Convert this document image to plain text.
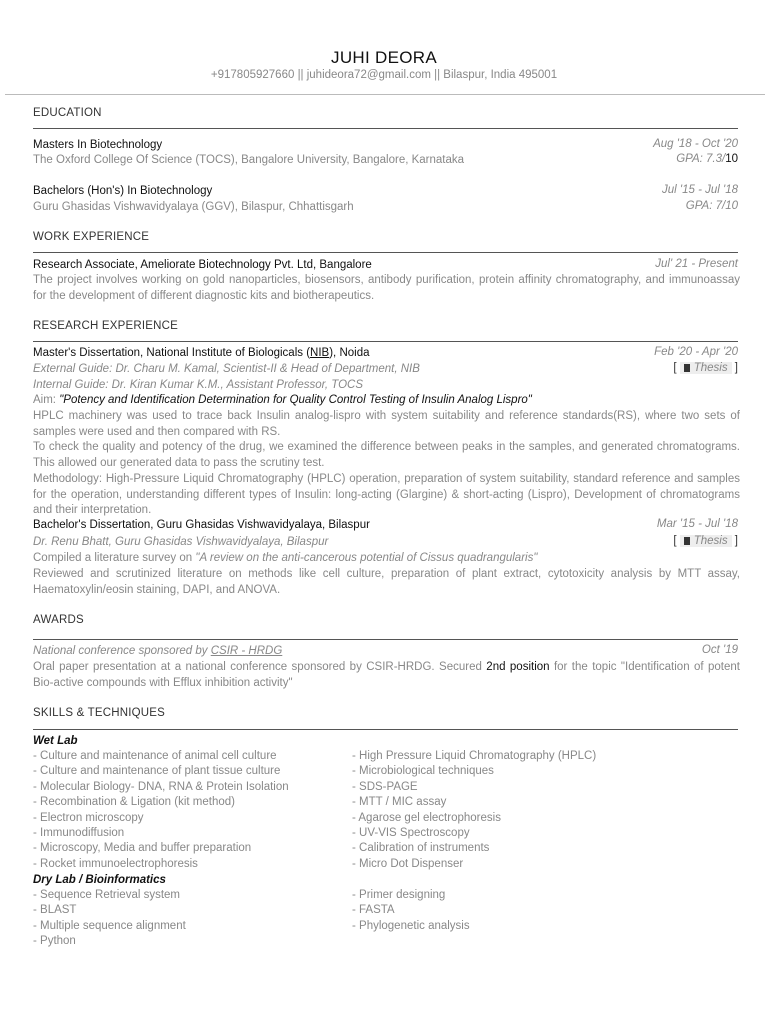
JUHI DEORA
+917805927660 || juhideora72@gmail.com || Bilaspur, India 495001
EDUCATION
Masters In Biotechnology	Aug '18 - Oct '20
The Oxford College Of Science (TOCS), Bangalore University, Bangalore, Karnataka	GPA: 7.3/10
Bachelors (Hon's) In Biotechnology	Jul '15 - Jul '18
Guru Ghasidas Vishwavidyalaya (GGV), Bilaspur, Chhattisgarh	GPA: 7/10
WORK EXPERIENCE
Research Associate, Ameliorate Biotechnology Pvt. Ltd, Bangalore	Jul' 21 - Present
The project involves working on gold nanoparticles, biosensors, antibody purification, protein affinity chromatography, and immunoassay for the development of different diagnostic kits and biotherapeutics.
RESEARCH EXPERIENCE
Master's Dissertation, National Institute of Biologicals (NIB), Noida	Feb '20 - Apr '20
External Guide: Dr. Charu M. Kamal, Scientist-II & Head of Department, NIB	[ Thesis ]
Internal Guide: Dr. Kiran Kumar K.M., Assistant Professor, TOCS
Aim: "Potency and Identification Determination for Quality Control Testing of Insulin Analog Lispro"
HPLC machinery was used to trace back Insulin analog-lispro with system suitability and reference standards(RS), where two sets of samples were used and then compared with RS.
To check the quality and potency of the drug, we examined the difference between peaks in the samples, and generated chromatograms. This allowed our generated data to pass the scrutiny test.
Methodology: High-Pressure Liquid Chromatography (HPLC) operation, preparation of system suitability, standard reference and samples for the operation, understanding different types of Insulin: long-acting (Glargine) & short-acting (Lispro), Development of chromatograms and their interpretation.
Bachelor's Dissertation, Guru Ghasidas Vishwavidyalaya, Bilaspur	Mar '15 - Jul '18
Dr. Renu Bhatt, Guru Ghasidas Vishwavidyalaya, Bilaspur	[ Thesis ]
Compiled a literature survey on "A review on the anti-cancerous potential of Cissus quadrangularis"
Reviewed and scrutinized literature on methods like cell culture, preparation of plant extract, cytotoxicity analysis by MTT assay, Haematoxylin/eosin staining, DAPI, and ANOVA.
AWARDS
National conference sponsored by CSIR - HRDG	Oct '19
Oral paper presentation at a national conference sponsored by CSIR-HRDG. Secured 2nd position for the topic "Identification of potent Bio-active compounds with Efflux inhibition activity"
SKILLS & TECHNIQUES
Wet Lab
- Culture and maintenance of animal cell culture
- Culture and maintenance of plant tissue culture
- Molecular Biology- DNA, RNA & Protein Isolation
- Recombination & Ligation (kit method)
- Electron microscopy
- Immunodiffusion
- Microscopy, Media and buffer preparation
- Rocket immunoelectrophoresis
- High Pressure Liquid Chromatography (HPLC)
- Microbiological techniques
- SDS-PAGE
- MTT / MIC assay
- Agarose gel electrophoresis
- UV-VIS Spectroscopy
- Calibration of instruments
- Micro Dot Dispenser
Dry Lab / Bioinformatics
- Sequence Retrieval system
- BLAST
- Multiple sequence alignment
- Python
- Primer designing
- FASTA
- Phylogenetic analysis
